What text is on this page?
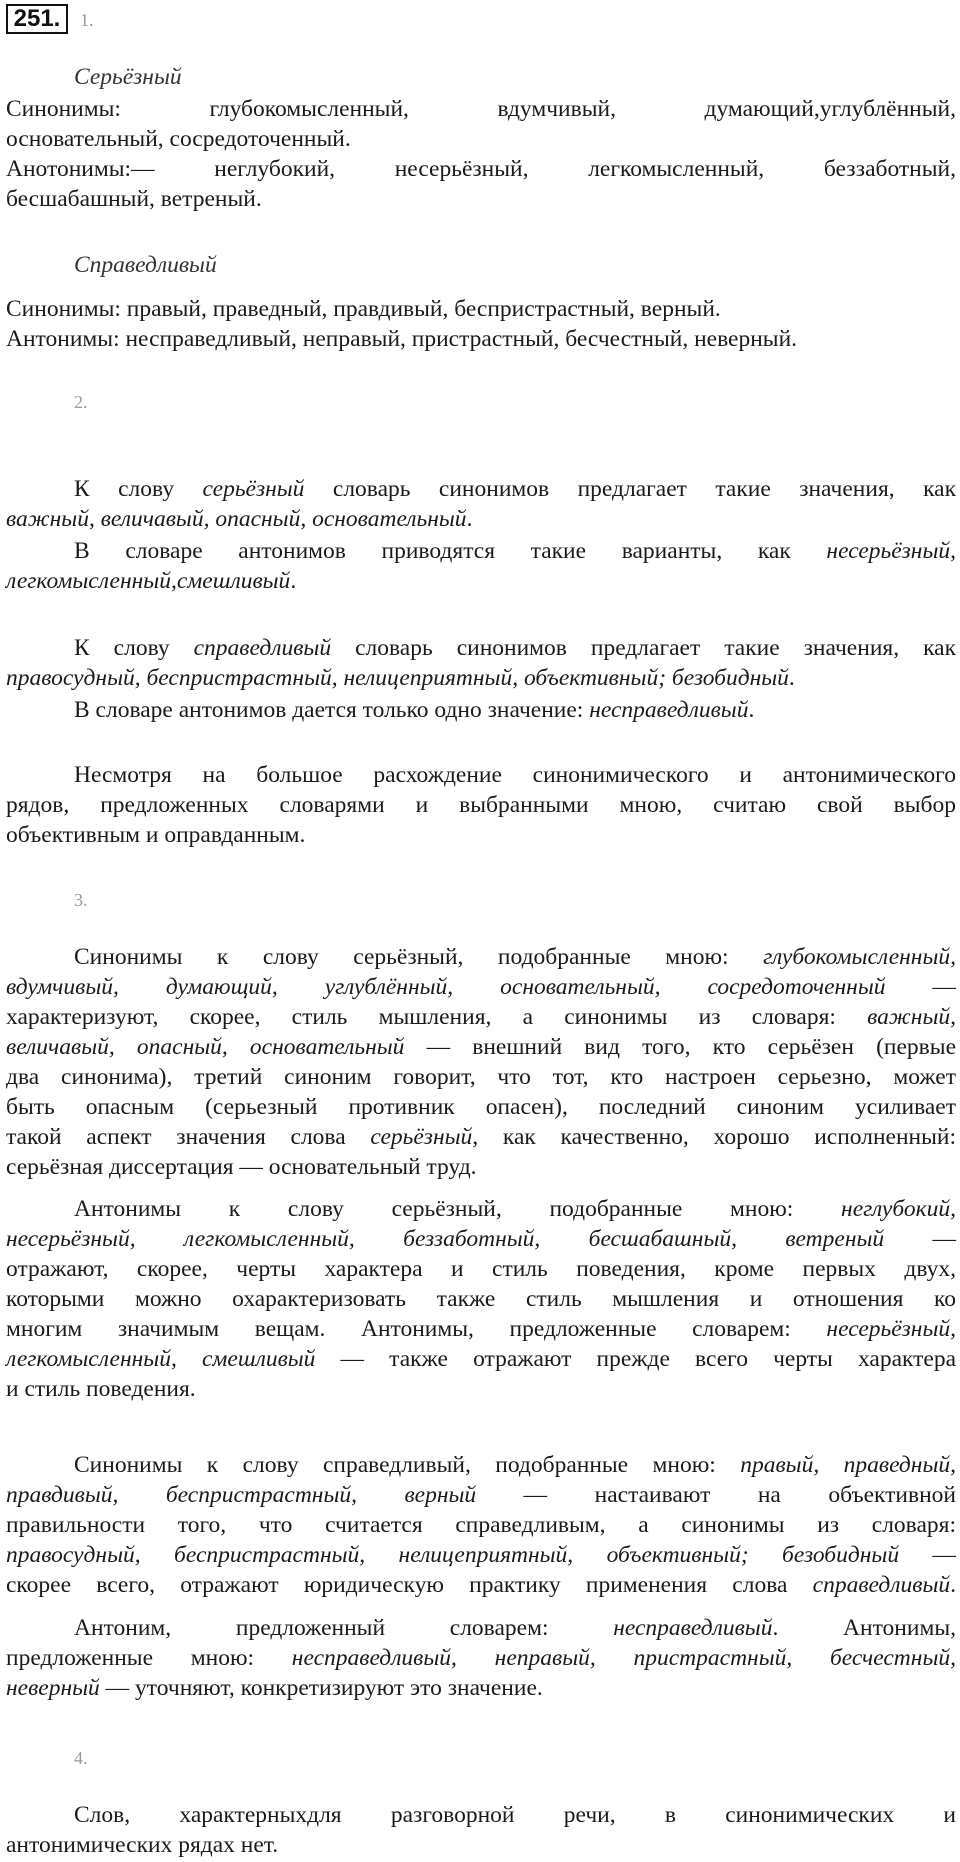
251.	1.
Серьёзный
Синонимы:	глубокомысленный,	вдумчивый,	думающий,углублённый,
основательный, сосредоточенный.
Анотонимы:—	неглубокий,	несерьёзный,	легкомысленный,	беззаботный,
бесшабашный, ветреный.
Справедливый
Синонимы: правый, праведный, правдивый, беспристрастный, верный.
Антонимы: несправедливый, неправый, пристрастный, бесчестный, неверный.
2.
К слову серьёзный словарь синонимов предлагает такие значения, как
важный, величавый, опасный, основательный.
В словаре антонимов приводятся такие варианты, как несерьёзный,
легкомысленный,смешливый.
К слову справедливый словарь синонимов предлагает такие значения, как
правосудный, беспристрастный, нелицеприятный, объективный; безобидный.
В словаре антонимов дается только одно значение: несправедливый.
Несмотря на большое расхождение синонимического и антонимического
рядов, предложенных словарями и выбранными мною, считаю свой выбор
объективным и оправданным.
3.
Синонимы к слову серьёзный, подобранные мною: глубокомысленный,
вдумчивый, думающий, углублённый, основательный, сосредоточенный —
характеризуют, скорее, стиль мышления, а синонимы из словаря: важный,
величавый, опасный, основательный — внешний вид того, кто серьёзен (первые
два синонима), третий синоним говорит, что тот, кто настроен серьезно, может
быть опасным (серьезный противник опасен), последний синоним усиливает
такой аспект значения слова серьёзный, как качественно, хорошо исполненный:
серьёзная диссертация — основательный труд.
Антонимы к слову серьёзный, подобранные мною: неглубокий,
несерьёзный, легкомысленный, беззаботный, бесшабашный, ветреный —
отражают, скорее, черты характера и стиль поведения, кроме первых двух,
которыми можно охарактеризовать также стиль мышления и отношения ко
многим значимым вещам. Антонимы, предложенные словарем: несерьёзный,
легкомысленный, смешливый — также отражают прежде всего черты характера
и стиль поведения.
Синонимы к слову справедливый, подобранные мною: правый, праведный,
правдивый, беспристрастный, верный — настаивают на объективной
правильности того, что считается справедливым, а синонимы из словаря:
правосудный, беспристрастный, нелицеприятный, объективный; безобидный —
скорее всего, отражают юридическую практику применения слова справедливый.
Антоним, предложенный словарем: несправедливый. Антонимы,
предложенные мною: несправедливый, неправый, пристрастный, бесчестный,
неверный — уточняют, конкретизируют это значение.
4.
Слов, характерныхдля разговорной речи, в синонимических и
антонимических рядах нет.
